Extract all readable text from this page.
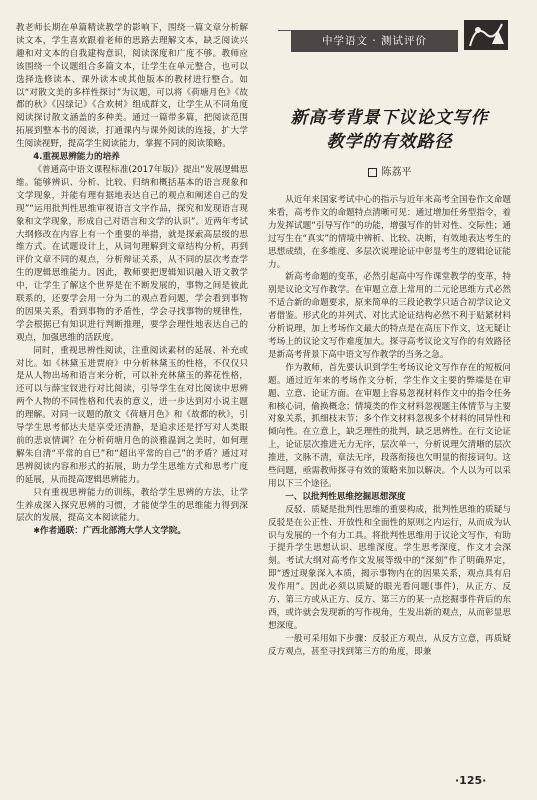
中学语文 · 测试评价

教老师长期在单篇精读教学的影响下，围绕一篇文章分析解读文本，学生喜欢跟着老师的思路去理解文本，缺乏阅读兴趣和对文本的自我建构意识，阅读深度和广度不够。教师应该围绕一个议题组合多篇文本，让学生在单元整合，也可以选择选修读本、课外读本或其他版本的教材进行整合。如以“对散文美的多样性探讨”为议题，可以将《荷塘月色》《故都的秋》《囚绿记》《合欢树》组成群文，让学生从不同角度阅读探讨散文涵盖的多种美。通过一篇带多篇，把阅读范围拓展到整本书的阅读，打通课内与课外阅读的连接，扩大学生阅读视野，提高学生阅读能力，掌握不同的阅读策略。

4.重视思辨能力的培养

《普通高中语文课程标准(2017年版)》提出“发展逻辑思维。能够辨识、分析、比较、归纳和概括基本的语言现象和文学现象，并能有理有据地表达自己的观点和阐述自己的发现”“运用批判性思维审视语言文字作品，探究和发现语言现象和文学现象，形成自己对语言和文学的认识”。近两年考试大纲修改在内容上有一个重要的举措，就是探索高层级的思维方式。在试题设计上，从词句理解到文章结构分析，再到评价文章不同的观点，分析辩证关系，从不同的层次考查学生的逻辑思维能力。因此，教师要把逻辑知识融入语文教学中，让学生了解这个世界是在不断发展的，事物之间是彼此联系的，还要学会用一分为二的观点看问题，学会看到事物的因果关系，看到事物的矛盾性，学会寻找事物的规律性，学会根据已有知识进行判断推理，要学会理性地表达自己的观点，加强思维的活跃度。

同时，重视思辨性阅读，注重阅读素材的延展、补充或对比。如《林黛玉进贾府》中分析林黛玉的性格，不仅仅只是从人物出场和语言来分析，可以补充林黛玉的葬花性格，还可以与薛宝钗进行对比阅读，引导学生在对比阅读中思辨两个人物的不同性格和代表的意义，进一步达到对小说主题的理解。对同一议题的散文《荷塘月色》和《故都的秋》，引导学生思考郁达夫是享受还清静，是追求还是抒写对人类眼前的悲哀情调？在分析荷塘月色的淡雅温润之美时，如何理解朱自清“平常的自已”和“超出平常的自己”的矛盾？通过对思辨阅读内容和形式的拓展，助力学生思维方式和思考广度的延展，从而提高逻辑思辨能力。

只有重视思辨能力的训练，教给学生思辨的方法，让学生养成深入探究思辨的习惯，才能使学生的思维能力得到深层次的发展，提高文本阅读能力。

✱作者通联：广西北部湾大学人文学院。

新高考背景下议论文写作
教学的有效路径
陈荔平

从近年来国家考试中心的指示与近年来高考全国卷作文命题来看，高考作文的命题特点清晰可见：通过增加任务型指令，着力发挥试题“引导写作”的功能，增强写作的针对性、交际性；通过写生在“真实”的情境中辨析、比较、决断，有效地表达考生的思想成绩，在多维度、多层次说理论证中彰显考生的逻辑论证能力。

新高考命题的变革，必然引起高中写作课堂教学的变革，特别是议论文写作教学。在审题立意上常用的二元论思维方式必然不适合新的命题要求，原来简单的三段论教学只适合初学议论文者借鉴。形式化的并列式、对比式论证结构必然不利于贴紧材料分析说理，加上考场作文最大的特点是在高压下作文，这无疑让考场上的议论文写作难度加大。探寻高考议论文写作的有效路径是新高考背景下高中语文写作教学的当务之急。

作为教师，首先要认识到学生考场议论文写作存在的短板问题。通过近年来的考场作文分析，学生作文主要的弊端是在审题、立意、论证方面。在审题上容易忽视材料作文中的指令任务和核心词，偷换概念；情境类的作文材料忽视题主体情节与主要对象关系，抓细枝末节；多个作文材料忽视多个材料的同异性和倾向性。在立意上，缺乏理性的批判，缺乏思辨性。在行文论证上，论证层次推进无力无序，层次单一，分析说理欠清晰的层次推进，文脉不清，章法无序，段落衔接也欠明显的衔接词句。这些问题，亟需教师探寻有效的策略来加以解决。个人以为可以采用以下三个途径。

一、以批判性思维挖掘思想深度

反驳、质疑是批判性思维的重要构成，批判性思维的质疑与反驳是在公正性、开放性和全面性的原则之内运行，从而成为认识与发展的一个有力工具。将批判性思维用于议论文写作，有助于提升学生思想认识、思维深度。学生思考深度，作文才会深刻。考试大纲对高考作文发展等级中的“深刻”作了明确界定，即“透过现象深入本质，揭示事物内在的因果关系，观点具有启发作用”。因此必须以质疑的眼光看问题(事件)，从正方、反方、第三方或从正方、反方、第三方的某一点挖掘事件背后的东西，或许就会发现新的写作视角，生发出新的观点，从而彰显思想深度。

一般可采用如下步骤：反驳正方观点，从反方立意，再质疑反方观点，甚至寻找到第三方的角度，即兼

·125·
